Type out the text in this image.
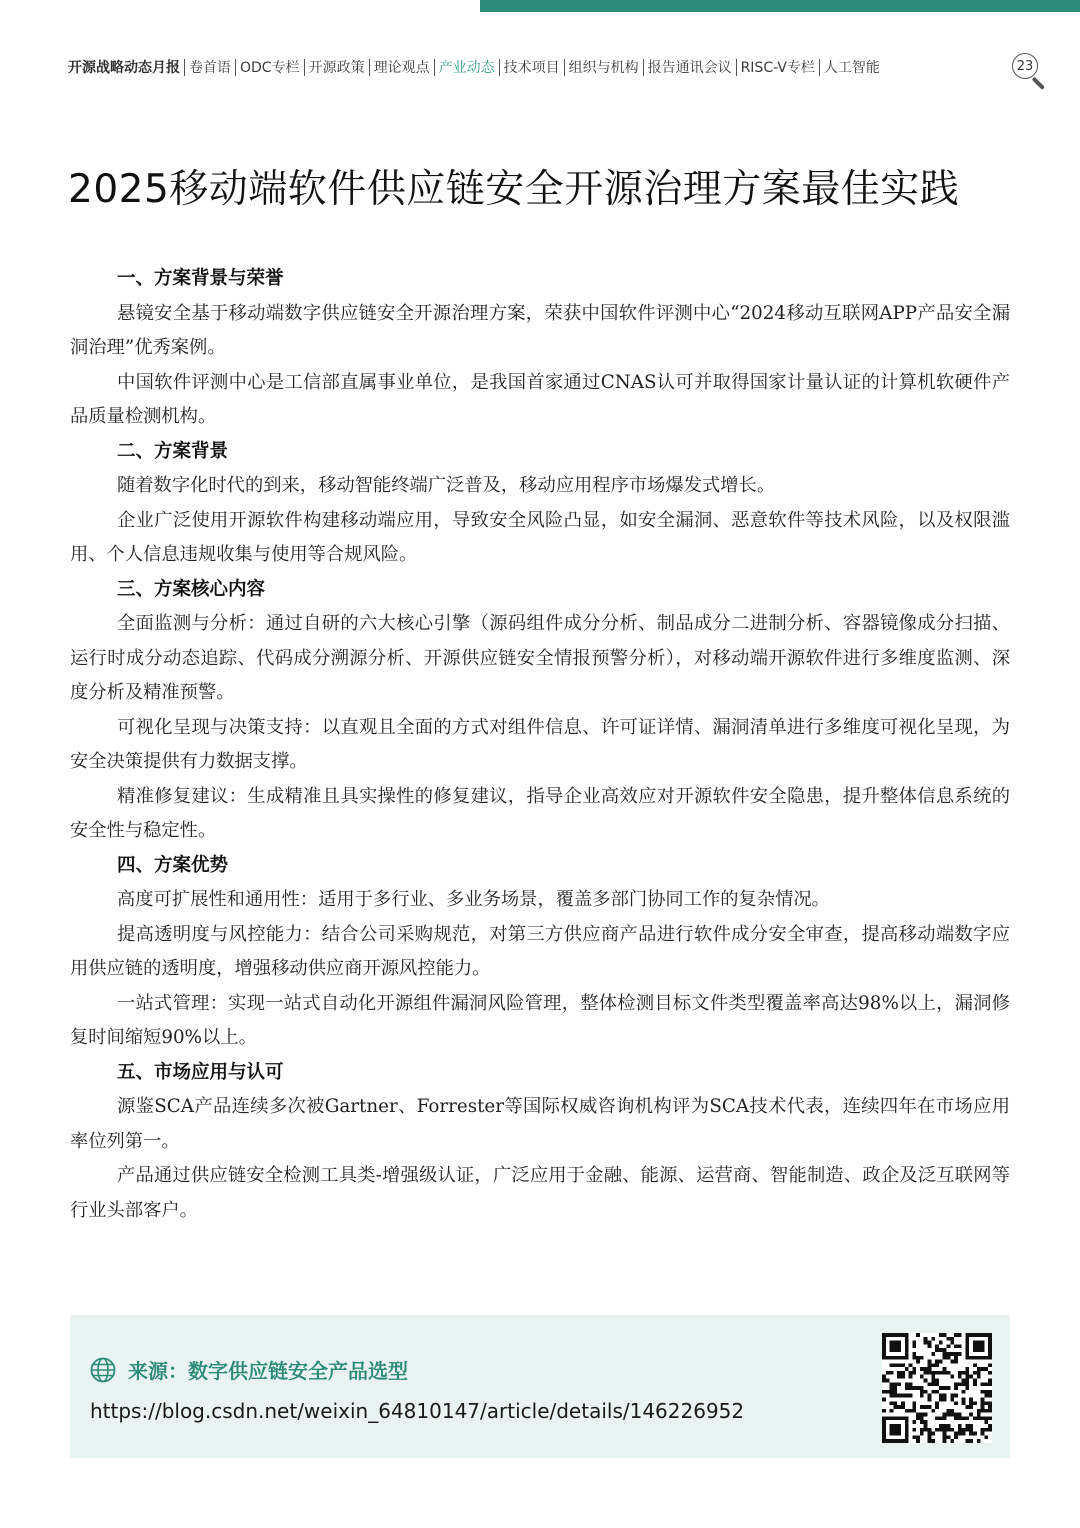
开源战略动态月报 卷首语 ODC专栏 开源政策 理论观点 产业动态 技术项目 组织与机构 报告通讯会议 RISC-V专栏 人工智能	23
2025移动端软件供应链安全开源治理方案最佳实践
一、方案背景与荣誉

悬镜安全基于移动端数字供应链安全开源治理方案，荣获中国软件评测中心“2024移动互联网APP产品安全漏洞治理”优秀案例。

中国软件评测中心是工信部直属事业单位，是我国首家通过CNAS认可并取得国家计量认证的计算机软硬件产品质量检测机构。

二、方案背景

随着数字化时代的到来，移动智能终端广泛普及，移动应用程序市场爆发式增长。

企业广泛使用开源软件构建移动端应用，导致安全风险凸显，如安全漏洞、恶意软件等技术风险，以及权限滥用、个人信息违规收集与使用等合规风险。

三、方案核心内容

全面监测与分析：通过自研的六大核心引擎（源码组件成分分析、制品成分二进制分析、容器镜像成分扫描、运行时成分动态追踪、代码成分溯源分析、开源供应链安全情报预警分析），对移动端开源软件进行多维度监测、深度分析及精准预警。

可视化呈现与决策支持：以直观且全面的方式对组件信息、许可证详情、漏洞清单进行多维度可视化呈现，为安全决策提供有力数据支撑。

精准修复建议：生成精准且具实操性的修复建议，指导企业高效应对开源软件安全隐患，提升整体信息系统的安全性与稳定性。

四、方案优势

高度可扩展性和通用性：适用于多行业、多业务场景，覆盖多部门协同工作的复杂情况。

提高透明度与风控能力：结合公司采购规范，对第三方供应商产品进行软件成分安全审查，提高移动端数字应用供应链的透明度，增强移动供应商开源风控能力。

一站式管理：实现一站式自动化开源组件漏洞风险管理，整体检测目标文件类型覆盖率高达98%以上，漏洞修复时间缩短90%以上。

五、市场应用与认可

源鉴SCA产品连续多次被Gartner、Forrester等国际权威咨询机构评为SCA技术代表，连续四年在市场应用率位列第一。

产品通过供应链安全检测工具类-增强级认证，广泛应用于金融、能源、运营商、智能制造、政企及泛互联网等行业头部客户。

来源：数字供应链安全产品选型
https://blog.csdn.net/weixin_64810147/article/details/146226952
